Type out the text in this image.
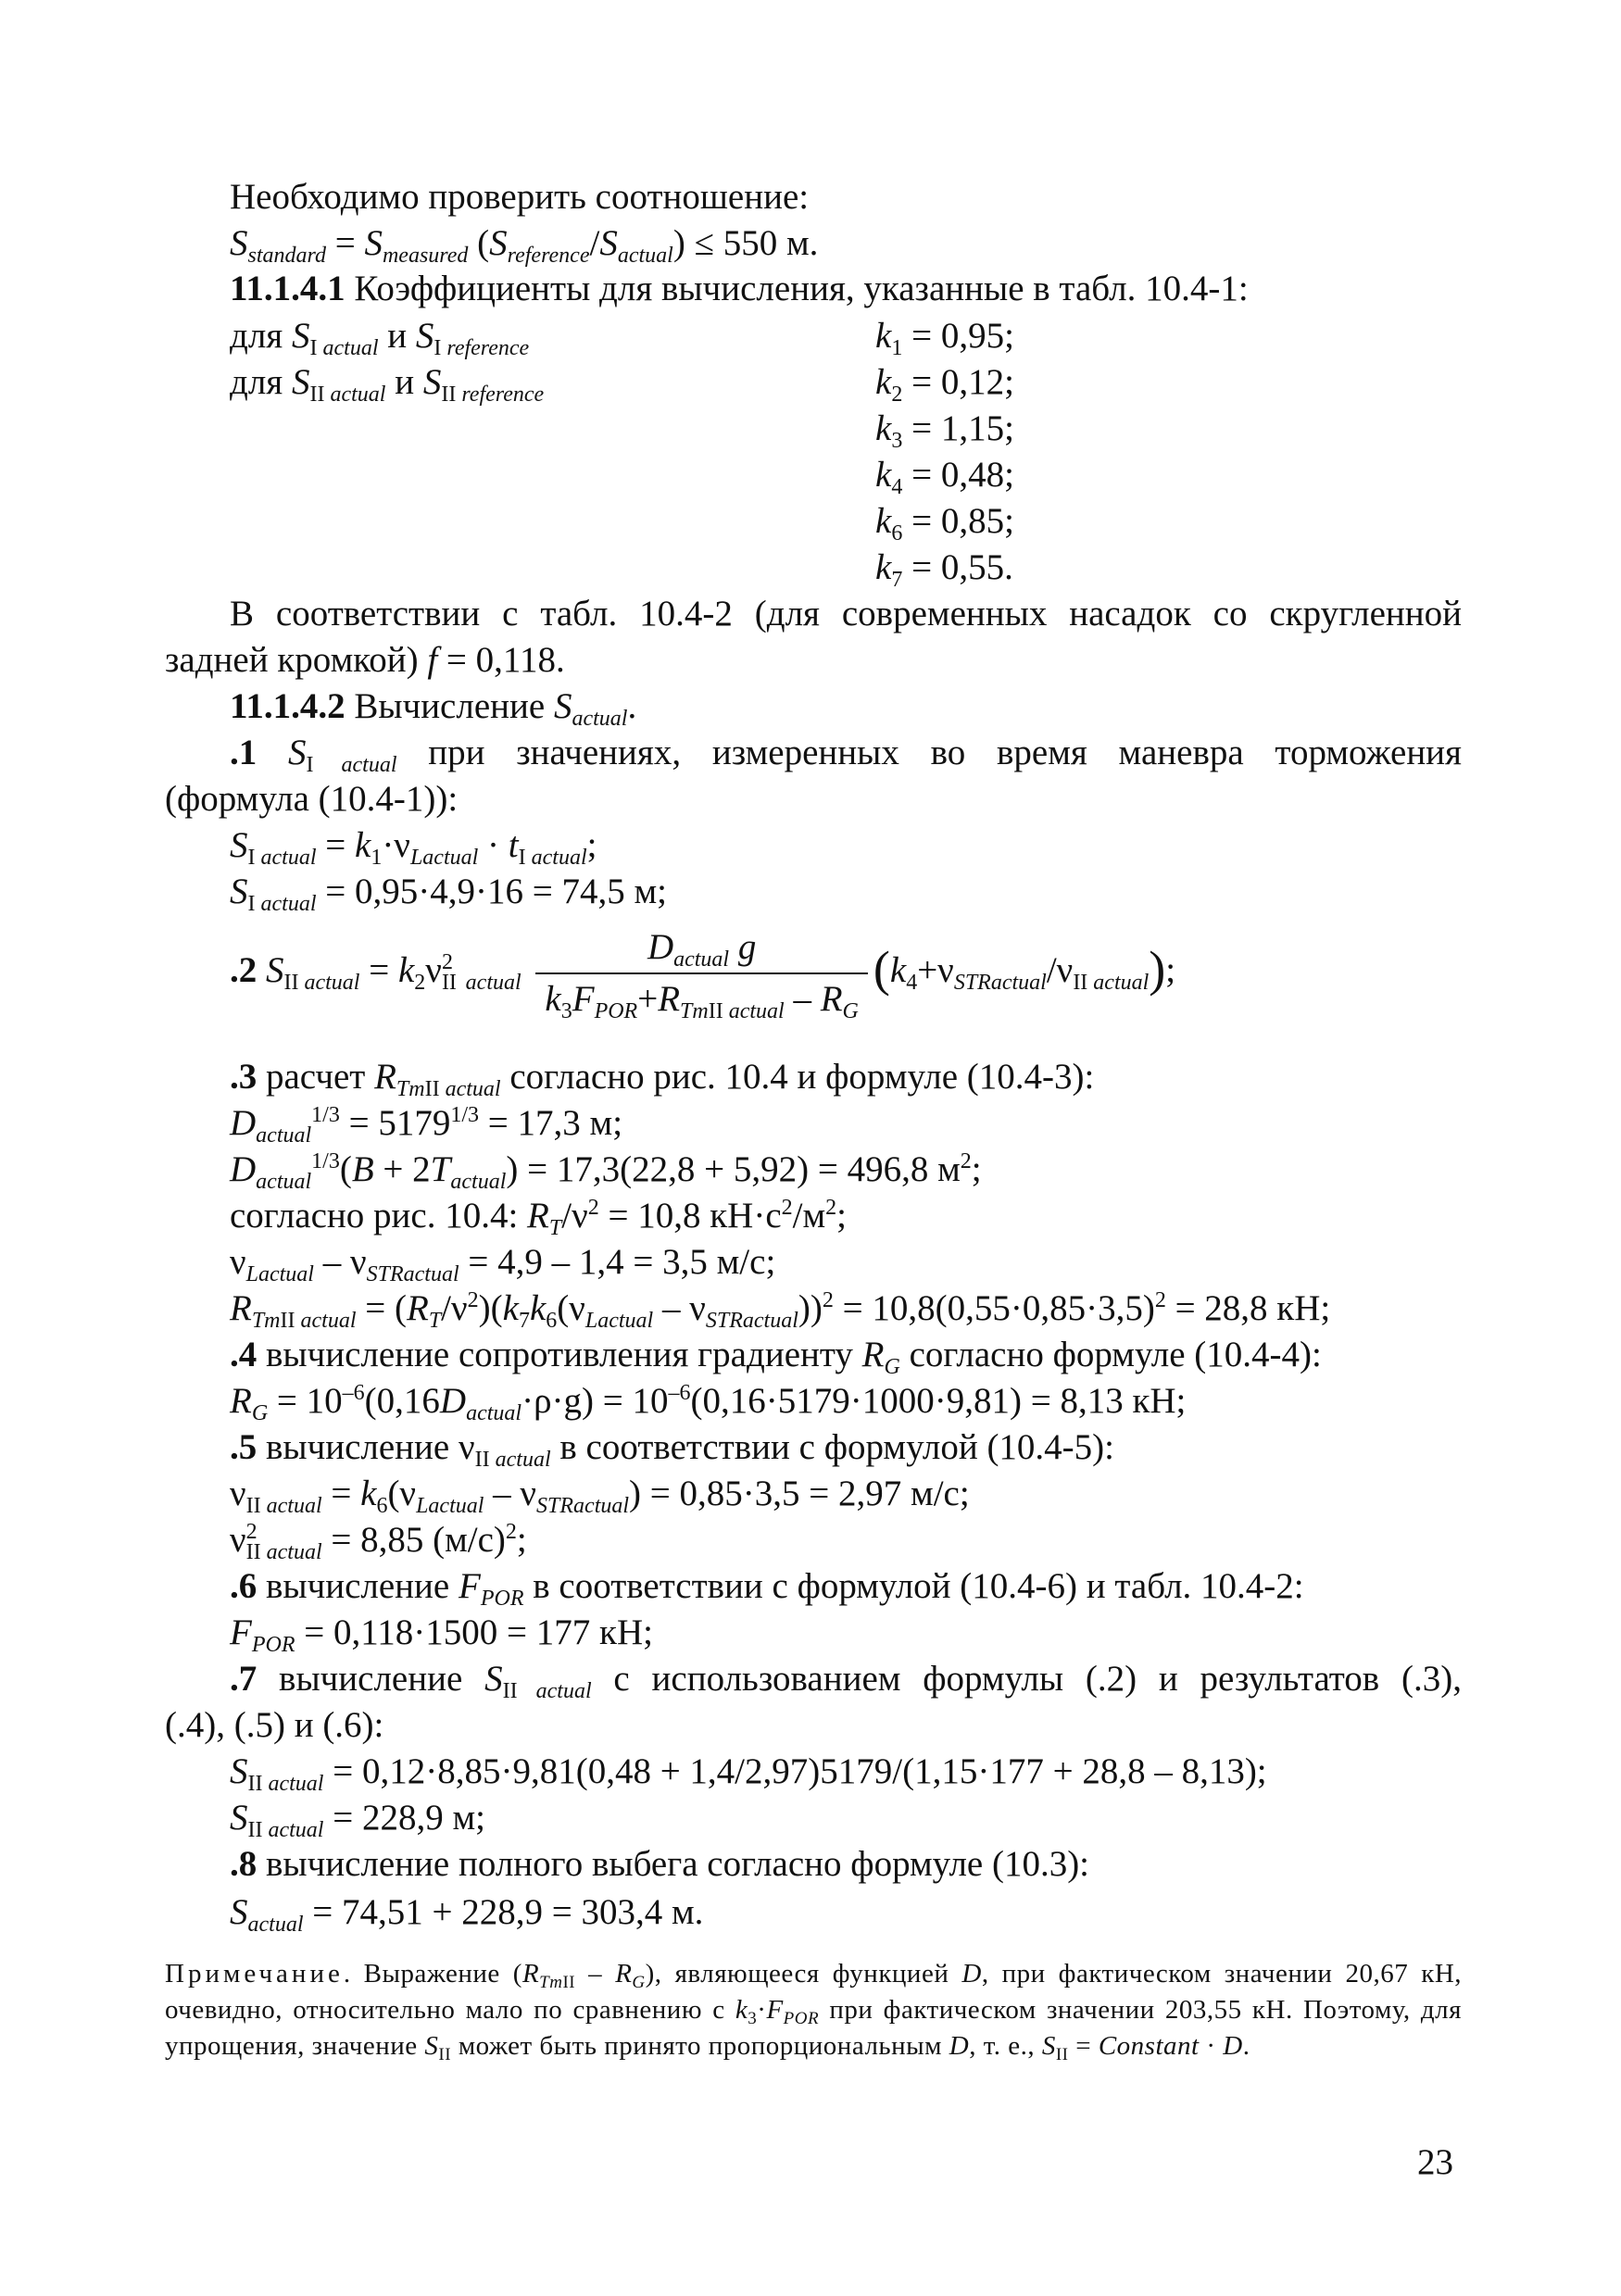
Необходимо проверить соотношение:
$S_{standard} = S_{measured}$ $(S_{reference}/S_{actual}) \le 550$ м.
11.1.4.1 Коэффициенты для вычисления, указанные в табл. 10.4-1:
для $S_{I actual}$ и $S_{I reference}$
для $S_{II actual}$ и $S_{II reference}$
$k_1 = 0,95$;
$k_2 = 0,12$;
$k_3 = 1,15$;
$k_4 = 0,48$;
$k_6 = 0,85$;
$k_7 = 0,55$.
В соответствии с табл. 10.4-2 (для современных насадок со скругленной
задней кромкой) f = 0,118.
11.1.4.2 Вычисление $S_{actual}$.
.1 $S_{I actual}$ при значениях, измеренных во время маневра торможения
(формула (10.4-1)):
$S_{I actual} = k_1\cdot\nu_{Lactual} \cdot t_{I actual}$;
$S_{I actual} = 0,95\cdot 4,9\cdot 16 = 74,5$ м;
.2 $S_{II actual} = k_2\nu^2_{II}$ $_{actual} \frac{D_{actual} g}{k_3F_{POR}+R_{TmII actual} - R_G} (k_4+\nu_{STRactual}/\nu_{II actual})$;
.3 расчет $R_{TmII actual}$ согласно рис. 10.4 и формуле (10.4-3):
$D_{actual}^{1/3} = 5179^{1/3} = 17,3$ м;
$D_{actual}^{1/3}(B + 2T_{actual}) = 17,3(22,8 + 5,92) = 496,8$ $м^2$;
согласно рис. 10.4: $R_T/\nu^2 = 10,8$ $кН\cdot с^2/м^2$;
$\nu_{Lactual} - \nu_{STRactual} = 4,9 - 1,4 = 3,5$ м/с;
$R_{TmII actual} = (R_T/\nu^2)(k_7k_6(\nu_{Lactual} - \nu_{STRactual}))^2 = 10,8(0,55\cdot 0,85\cdot 3,5)^2 = 28,8$ кН;
.4 вычисление сопротивления градиенту $R_G$ согласно формуле (10.4-4):
$R_G = 10^{-6}(0,16D_{actual}\cdot\rho\cdot g) = 10^{-6}(0,16\cdot 5179\cdot 1000\cdot 9,81) = 8,13$ кН;
.5 вычисление $\nu_{II actual}$ в соответствии с формулой (10.4-5):
$\nu_{II actual} = k_6(\nu_{Lactual} - \nu_{STRactual}) = 0,85\cdot 3,5 = 2,97$ м/с;
$\nu^2_{II actual} = 8,85$ $(м/с)^2$;
.6 вычисление $F_{POR}$ в соответствии с формулой (10.4-6) и табл. 10.4-2:
$F_{POR} = 0,118\cdot 1500 = 177$ кН;
.7 вычисление $S_{II actual}$ с использованием формулы (.2) и результатов (.3),
(.4), (.5) и (.6):
$S_{II actual} = 0,12\cdot 8,85\cdot 9,81(0,48 + 1,4/2,97)5179/(1,15\cdot 177 + 28,8 - 8,13)$;
$S_{II actual} = 228,9$ м;
.8 вычисление полного выбега согласно формуле (10.3):
$S_{actual} = 74,51 + 228,9 = 303,4$ м.
Примечание. Выражение $(R_{TmII} - R_G)$, являющееся функцией D, при фактическом значении 20,67 кН, очевидно, относительно мало по сравнению с $k_3\cdot F_{POR}$ при фактическом значении 203,55 кН. Поэтому, для упрощения, значение $S_{II}$ может быть принято пропорциональным D, т. е., $S_{II}$ = Constant · D.
23
